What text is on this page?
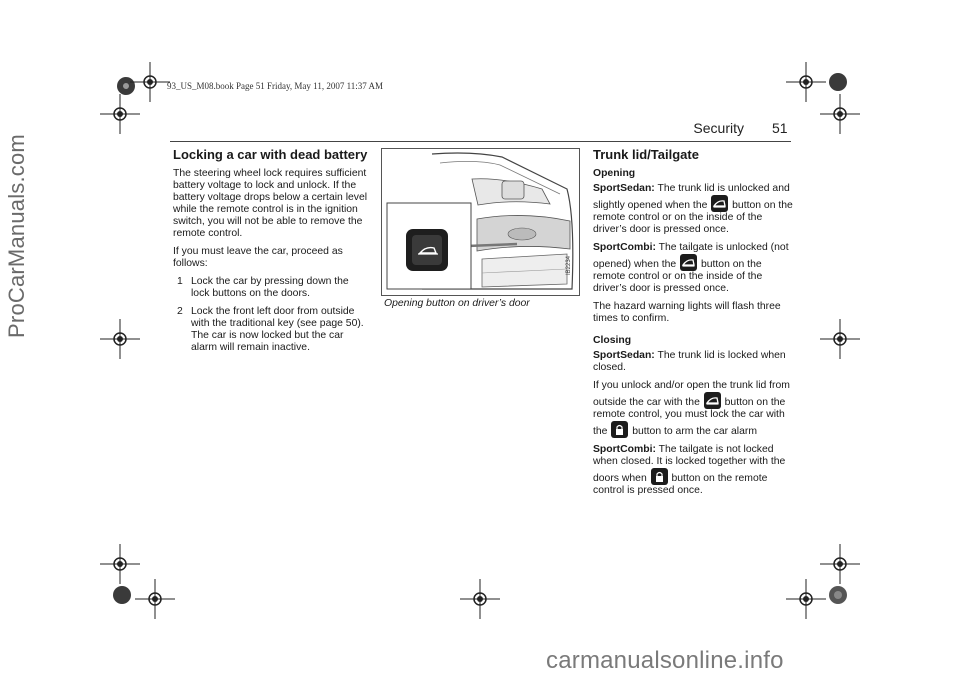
ProCarManuals.com
93_US_M08.book Page 51 Friday, May 11, 2007 11:37 AM
Security 51
Locking a car with dead battery

The steering wheel lock requires sufficient battery voltage to lock and unlock. If the battery voltage drops below a certain level while the remote control is in the ignition switch, you will not be able to remove the remote control.

If you must leave the car, proceed as follows:

1 Lock the car by pressing down the lock buttons on the doors.
2 Lock the front left door from outside with the traditional key (see page 50). The car is now locked but the car alarm will remain inactive.
IB2234
Opening button on driver’s door
Trunk lid/Tailgate
Opening

SportSedan: The trunk lid is unlocked and slightly opened when the
button on the remote control or on the inside of the driver’s door is pressed once.

SportCombi: The tailgate is unlocked (not opened) when the
button on the remote control or on the inside of the driver’s door is pressed once.

The hazard warning lights will flash three times to confirm.

Closing

SportSedan: The trunk lid is locked when closed.

If you unlock and/or open the trunk lid from outside the car with the
button on the remote control, you must lock the car with the
button to arm the car alarm

SportCombi: The tailgate is not locked when closed. It is locked together with the doors when
button on the remote control is pressed once.

carmanualsonline.info
